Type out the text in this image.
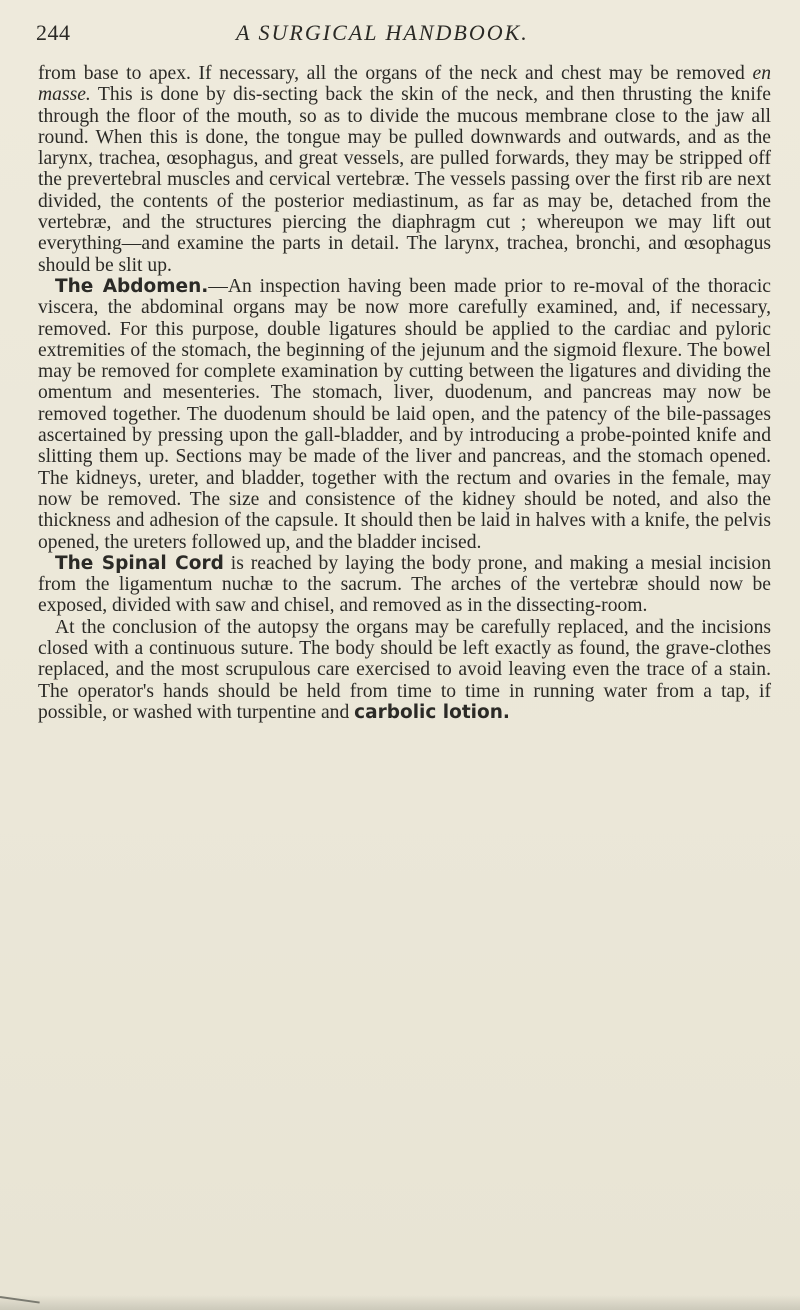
244	A SURGICAL HANDBOOK.

from base to apex. If necessary, all the organs of the neck and chest may be removed en masse. This is done by dis-secting back the skin of the neck, and then thrusting the knife through the floor of the mouth, so as to divide the mucous membrane close to the jaw all round. When this is done, the tongue may be pulled downwards and outwards, and as the larynx, trachea, œsophagus, and great vessels, are pulled forwards, they may be stripped off the prevertebral muscles and cervical vertebræ. The vessels passing over the first rib are next divided, the contents of the posterior mediastinum, as far as may be, detached from the vertebræ, and the structures piercing the diaphragm cut ; whereupon we may lift out everything—and examine the parts in detail. The larynx, trachea, bronchi, and œsophagus should be slit up.

The Abdomen.—An inspection having been made prior to re-moval of the thoracic viscera, the abdominal organs may be now more carefully examined, and, if necessary, removed. For this purpose, double ligatures should be applied to the cardiac and pyloric extremities of the stomach, the beginning of the jejunum and the sigmoid flexure. The bowel may be removed for complete examination by cutting between the ligatures and dividing the omentum and mesenteries. The stomach, liver, duodenum, and pancreas may now be removed together. The duodenum should be laid open, and the patency of the bile-passages ascertained by pressing upon the gall-bladder, and by introducing a probe-pointed knife and slitting them up. Sections may be made of the liver and pancreas, and the stomach opened. The kidneys, ureter, and bladder, together with the rectum and ovaries in the female, may now be removed. The size and consistence of the kidney should be noted, and also the thickness and adhesion of the capsule. It should then be laid in halves with a knife, the pelvis opened, the ureters followed up, and the bladder incised.

The Spinal Cord is reached by laying the body prone, and making a mesial incision from the ligamentum nuchæ to the sacrum. The arches of the vertebræ should now be exposed, divided with saw and chisel, and removed as in the dissecting-room.

At the conclusion of the autopsy the organs may be carefully replaced, and the incisions closed with a continuous suture. The body should be left exactly as found, the grave-clothes replaced, and the most scrupulous care exercised to avoid leaving even the trace of a stain. The operator's hands should be held from time to time in running water from a tap, if possible, or washed with turpentine and carbolic lotion.
